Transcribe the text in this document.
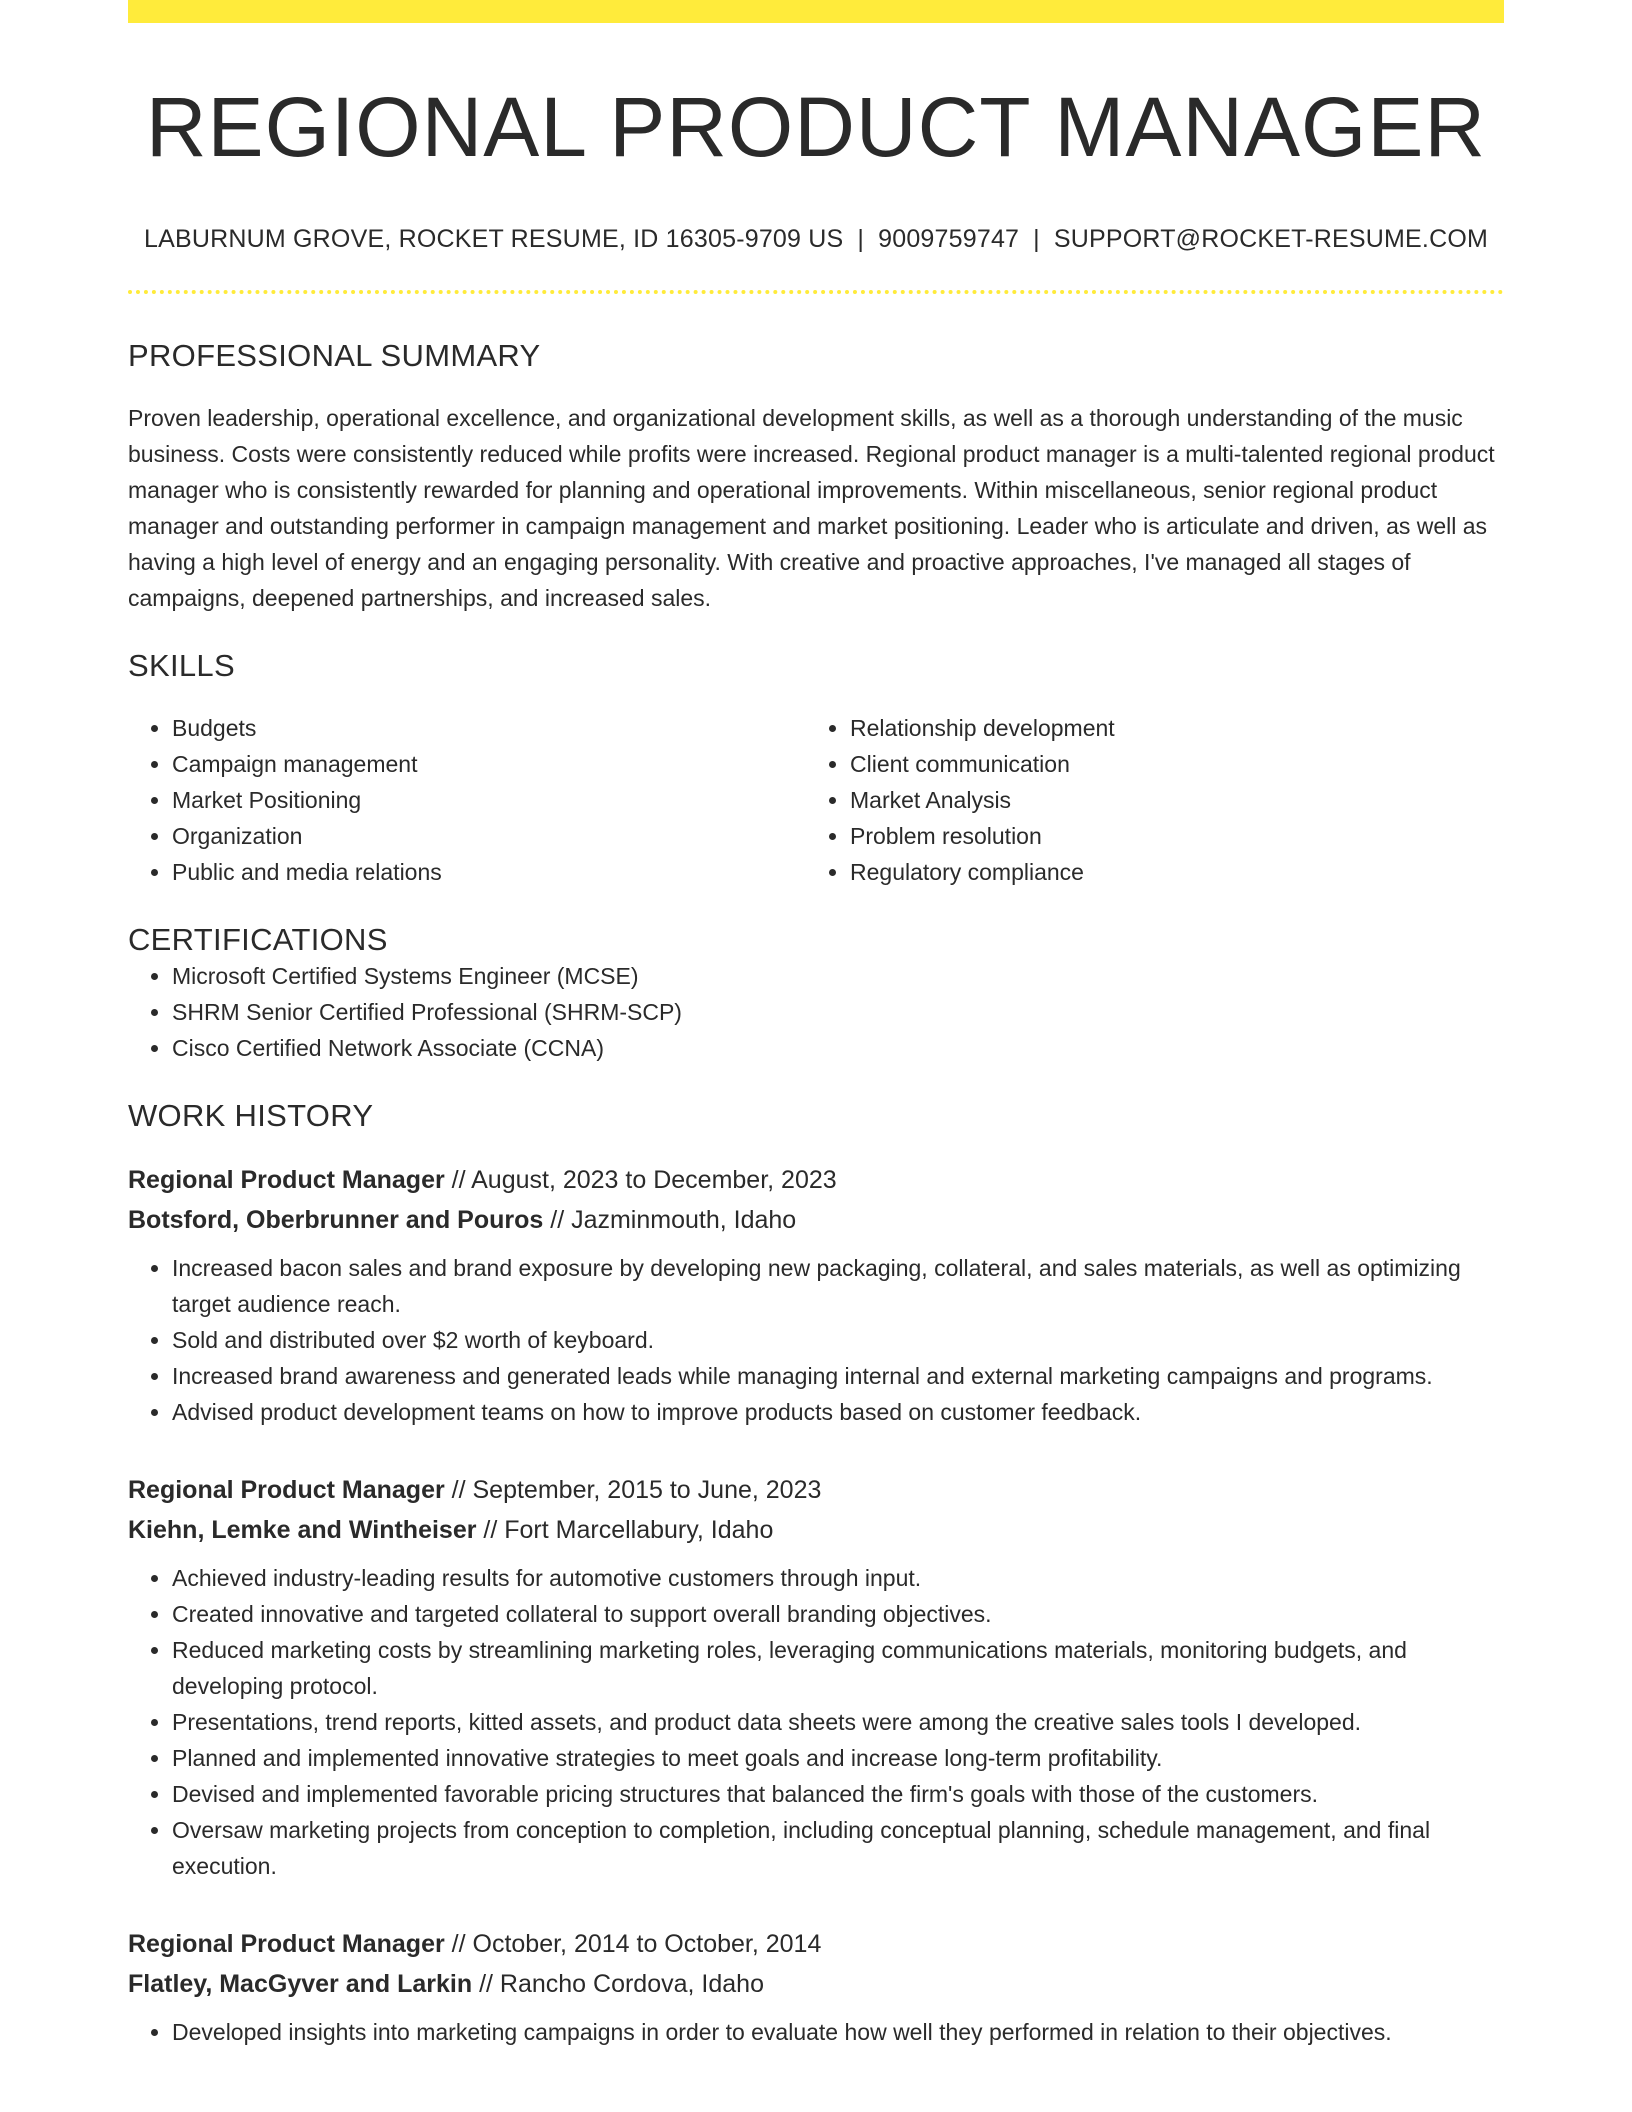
REGIONAL PRODUCT MANAGER
LABURNUM GROVE, ROCKET RESUME, ID 16305-9709 US | 9009759747 | SUPPORT@ROCKET-RESUME.COM
PROFESSIONAL SUMMARY
Proven leadership, operational excellence, and organizational development skills, as well as a thorough understanding of the music business. Costs were consistently reduced while profits were increased. Regional product manager is a multi-talented regional product manager who is consistently rewarded for planning and operational improvements. Within miscellaneous, senior regional product manager and outstanding performer in campaign management and market positioning. Leader who is articulate and driven, as well as having a high level of energy and an engaging personality. With creative and proactive approaches, I've managed all stages of campaigns, deepened partnerships, and increased sales.
SKILLS
• Budgets
• Campaign management
• Market Positioning
• Organization
• Public and media relations
• Relationship development
• Client communication
• Market Analysis
• Problem resolution
• Regulatory compliance
CERTIFICATIONS
• Microsoft Certified Systems Engineer (MCSE)
• SHRM Senior Certified Professional (SHRM-SCP)
• Cisco Certified Network Associate (CCNA)
WORK HISTORY
Regional Product Manager // August, 2023 to December, 2023
Botsford, Oberbrunner and Pouros // Jazminmouth, Idaho
• Increased bacon sales and brand exposure by developing new packaging, collateral, and sales materials, as well as optimizing target audience reach.
• Sold and distributed over $2 worth of keyboard.
• Increased brand awareness and generated leads while managing internal and external marketing campaigns and programs.
• Advised product development teams on how to improve products based on customer feedback.
Regional Product Manager // September, 2015 to June, 2023
Kiehn, Lemke and Wintheiser // Fort Marcellabury, Idaho
• Achieved industry-leading results for automotive customers through input.
• Created innovative and targeted collateral to support overall branding objectives.
• Reduced marketing costs by streamlining marketing roles, leveraging communications materials, monitoring budgets, and developing protocol.
• Presentations, trend reports, kitted assets, and product data sheets were among the creative sales tools I developed.
• Planned and implemented innovative strategies to meet goals and increase long-term profitability.
• Devised and implemented favorable pricing structures that balanced the firm's goals with those of the customers.
• Oversaw marketing projects from conception to completion, including conceptual planning, schedule management, and final execution.
Regional Product Manager // October, 2014 to October, 2014
Flatley, MacGyver and Larkin // Rancho Cordova, Idaho
• Developed insights into marketing campaigns in order to evaluate how well they performed in relation to their objectives.
